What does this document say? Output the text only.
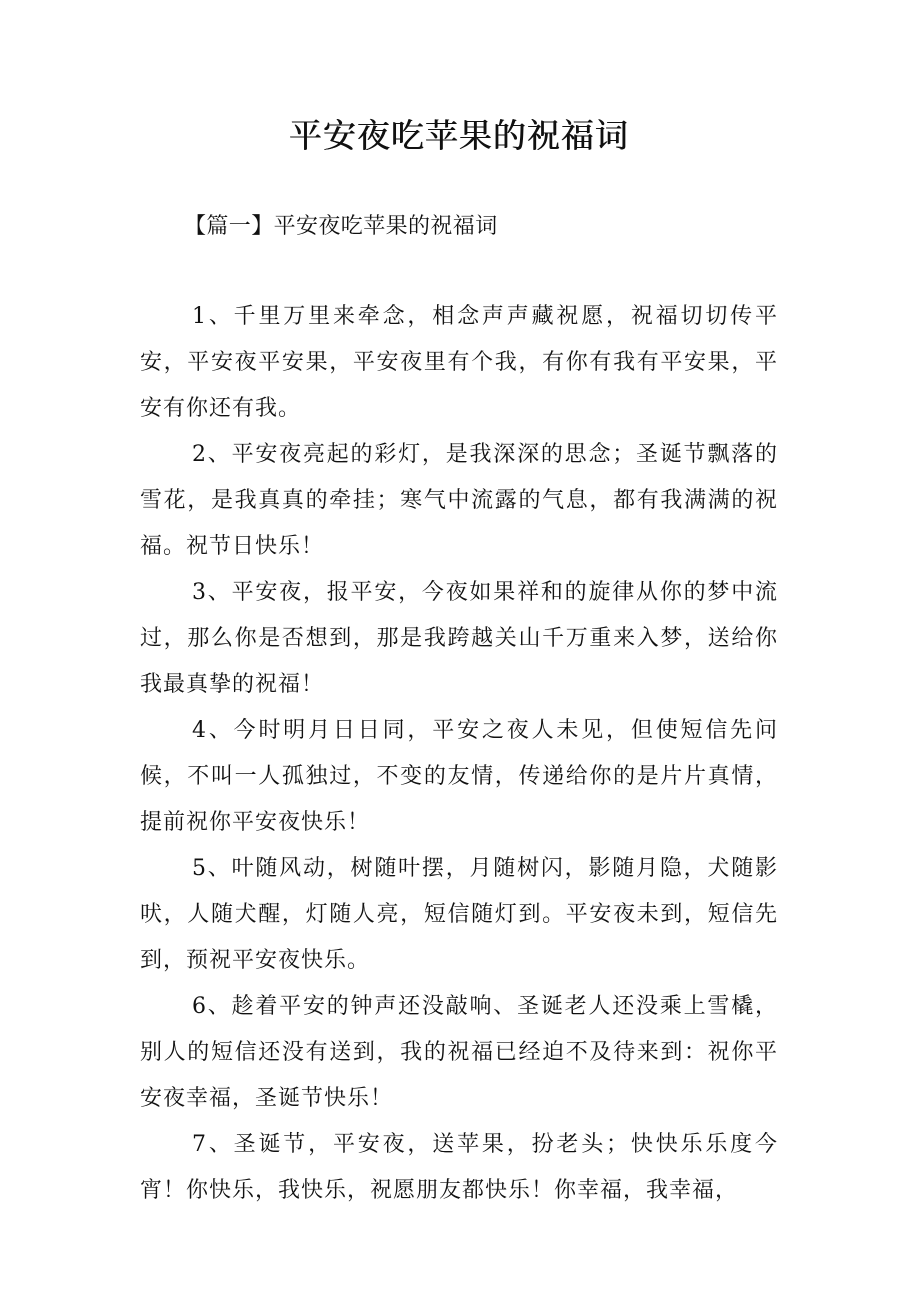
平安夜吃苹果的祝福词
【篇一】平安夜吃苹果的祝福词

1、千里万里来牵念，相念声声藏祝愿，祝福切切传平安，平安夜平安果，平安夜里有个我，有你有我有平安果，平安有你还有我。

2、平安夜亮起的彩灯，是我深深的思念；圣诞节飘落的雪花，是我真真的牵挂；寒气中流露的气息，都有我满满的祝福。祝节日快乐！

3、平安夜，报平安，今夜如果祥和的旋律从你的梦中流过，那么你是否想到，那是我跨越关山千万重来入梦，送给你我最真挚的祝福！

4、今时明月日日同，平安之夜人未见，但使短信先问候，不叫一人孤独过，不变的友情，传递给你的是片片真情，提前祝你平安夜快乐！

5、叶随风动，树随叶摆，月随树闪，影随月隐，犬随影吠，人随犬醒，灯随人亮，短信随灯到。平安夜未到，短信先到，预祝平安夜快乐。

6、趁着平安的钟声还没敲响、圣诞老人还没乘上雪橇，别人的短信还没有送到，我的祝福已经迫不及待来到：祝你平安夜幸福，圣诞节快乐！

7、圣诞节，平安夜，送苹果，扮老头；快快乐乐度今宵！你快乐，我快乐，祝愿朋友都快乐！你幸福，我幸福，
